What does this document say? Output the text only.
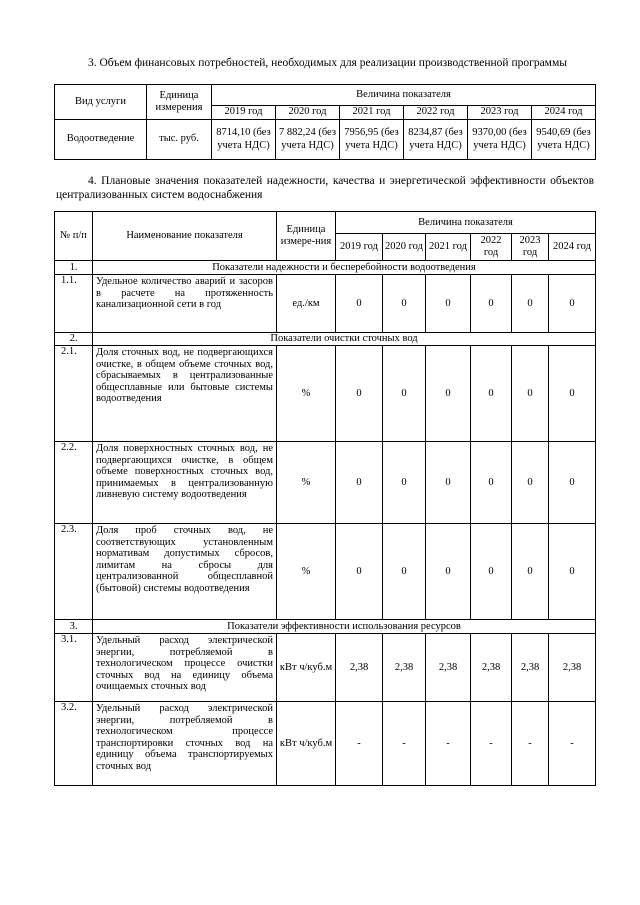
3. Объем финансовых потребностей, необходимых для реализации производственной программы
Вид услуги	Единица измерения	Величина показателя					
		2019 год	2020 год	2021 год	2022 год	2023 год	2024 год
Водоотведение	тыс. руб.	8714,10 (без учета НДС)	7 882,24 (без учета НДС)	7956,95 (без учета НДС)	8234,87 (без учета НДС)	9370,00 (без учета НДС)	9540,69 (без учета НДС)
4. Плановые значения показателей надежности, качества и энергетической эффективности объектов централизованных систем водоснабжения
№ п/п	Наименование показателя	Единица измере-ния	Величина показателя					
			2019 год	2020 год	2021 год	2022 год	2023 год	2024 год
1.	Показатели надежности и бесперебойности водоотведения							
1.1.	Удельное количество аварий и засоров в расчете на протяженность канализационной сети в год	ед./км	0	0	0	0	0	0
2.	Показатели очистки сточных вод							
2.1.	Доля сточных вод, не подвергающихся очистке, в общем объеме сточных вод, сбрасываемых в централизованные общесплавные или бытовые системы водоотведения	%	0	0	0	0	0	0
2.2.	Доля поверхностных сточных вод, не подвергающихся очистке, в общем объеме поверхностных сточных вод, принимаемых в централизованную ливневую систему водоотведения	%	0	0	0	0	0	0
2.3.	Доля проб сточных вод, не соответствующих установленным нормативам допустимых сбросов, лимитам на сбросы для централизованной общесплавной (бытовой) системы водоотведения	%	0	0	0	0	0	0
3.	Показатели эффективности использования ресурсов							
3.1.	Удельный расход электрической энергии, потребляемой в технологическом процессе очистки сточных вод на единицу объема очищаемых сточных вод	кВт ч/куб.м	2,38	2,38	2,38	2,38	2,38	2,38
3.2.	Удельный расход электрической энергии, потребляемой в технологическом процессе транспортировки сточных вод на единицу объема транспортируемых сточных вод	кВт ч/куб.м	-	-	-	-	-	-
